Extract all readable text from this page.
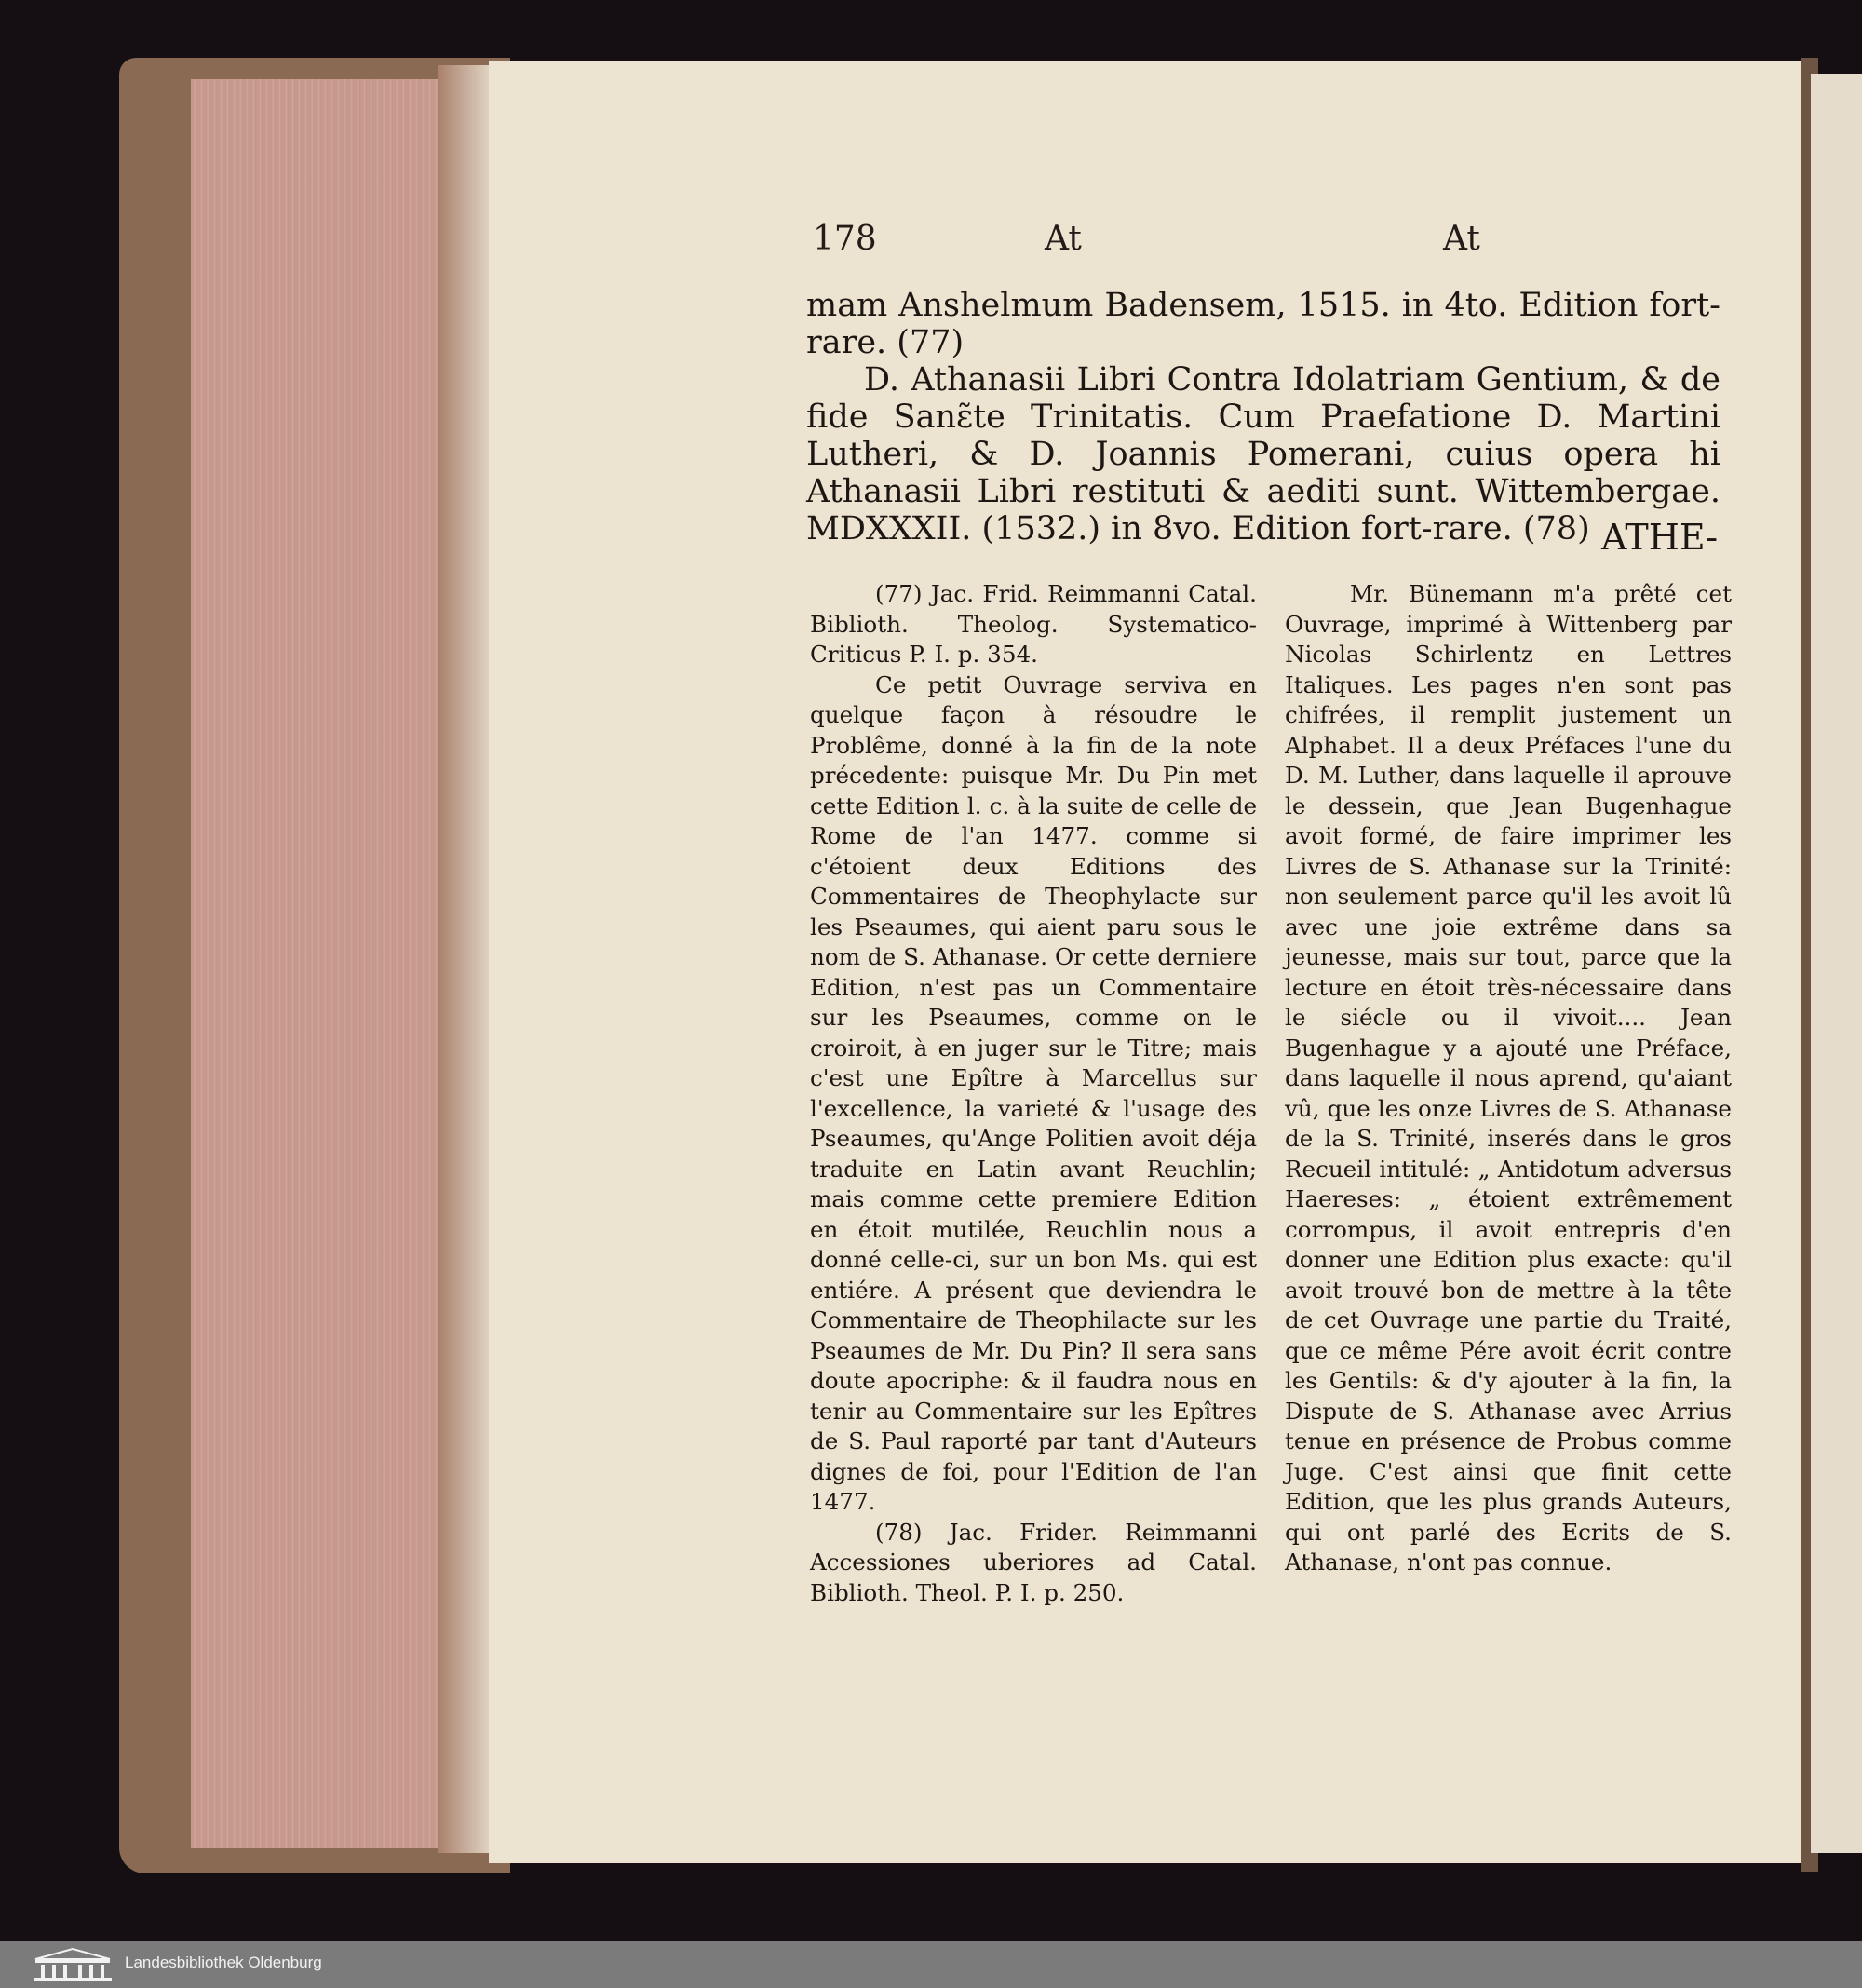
178	At	At

mam Anshelmum Badensem, 1515. in 4to. Edition fort-rare. (77)

D. Athanasii Libri Contra Idolatriam Gentium, & de fide Sanɛ̃te Trinitatis. Cum Praefatione D. Martini Lutheri, & D. Joannis Pomerani, cuius opera hi Athanasii Libri restituti & aediti sunt. Wittembergae. MDXXXII. (1532.) in 8vo. Edition fort-rare. (78) ATHE-

(77) Jac. Frid. Reimmanni Catal. Biblioth. Theolog. Systematico-Criticus P. I. p. 354.

Ce petit Ouvrage serviva en quelque façon à résoudre le Problême, donné à la fin de la note précedente: puisque Mr. Du Pin met cette Edition l. c. à la suite de celle de Rome de l'an 1477. comme si c'étoient deux Editions des Commentaires de Theophylacte sur les Pseaumes, qui aient paru sous le nom de S. Athanase. Or cette derniere Edition, n'est pas un Commentaire sur les Pseaumes, comme on le croiroit, à en juger sur le Titre; mais c'est une Epître à Marcellus sur l'excellence, la varieté & l'usage des Pseaumes, qu'Ange Politien avoit déja traduite en Latin avant Reuchlin; mais comme cette premiere Edition en étoit mutilée, Reuchlin nous a donné celle-ci, sur un bon Ms. qui est entiére. A présent que deviendra le Commentaire de Theophilacte sur les Pseaumes de Mr. Du Pin? Il sera sans doute apocriphe: & il faudra nous en tenir au Commentaire sur les Epîtres de S. Paul raporté par tant d'Auteurs dignes de foi, pour l'Edition de l'an 1477.

(78) Jac. Frider. Reimmanni Accessiones uberiores ad Catal. Biblioth. Theol. P. I. p. 250.

Mr. Bünemann m'a prêté cet Ouvrage, imprimé à Wittenberg par Nicolas Schirlentz en Lettres Italiques. Les pages n'en sont pas chifrées, il remplit justement un Alphabet. Il a deux Préfaces l'une du D. M. Luther, dans laquelle il aprouve le dessein, que Jean Bugenhague avoit formé, de faire imprimer les Livres de S. Athanase sur la Trinité: non seulement parce qu'il les avoit lû avec une joie extrême dans sa jeunesse, mais sur tout, parce que la lecture en étoit très-nécessaire dans le siécle ou il vivoit.... Jean Bugenhague y a ajouté une Préface, dans laquelle il nous aprend, qu'aiant vû, que les onze Livres de S. Athanase de la S. Trinité, inserés dans le gros Recueil intitulé: „ Antidotum adversus Haereses: „ étoient extrêmement corrompus, il avoit entrepris d'en donner une Edition plus exacte: qu'il avoit trouvé bon de mettre à la tête de cet Ouvrage une partie du Traité, que ce même Pére avoit écrit contre les Gentils: & d'y ajouter à la fin, la Dispute de S. Athanase avec Arrius tenue en présence de Probus comme Juge. C'est ainsi que finit cette Edition, que les plus grands Auteurs, qui ont parlé des Ecrits de S. Athanase, n'ont pas connue.

Landesbibliothek Oldenburg
